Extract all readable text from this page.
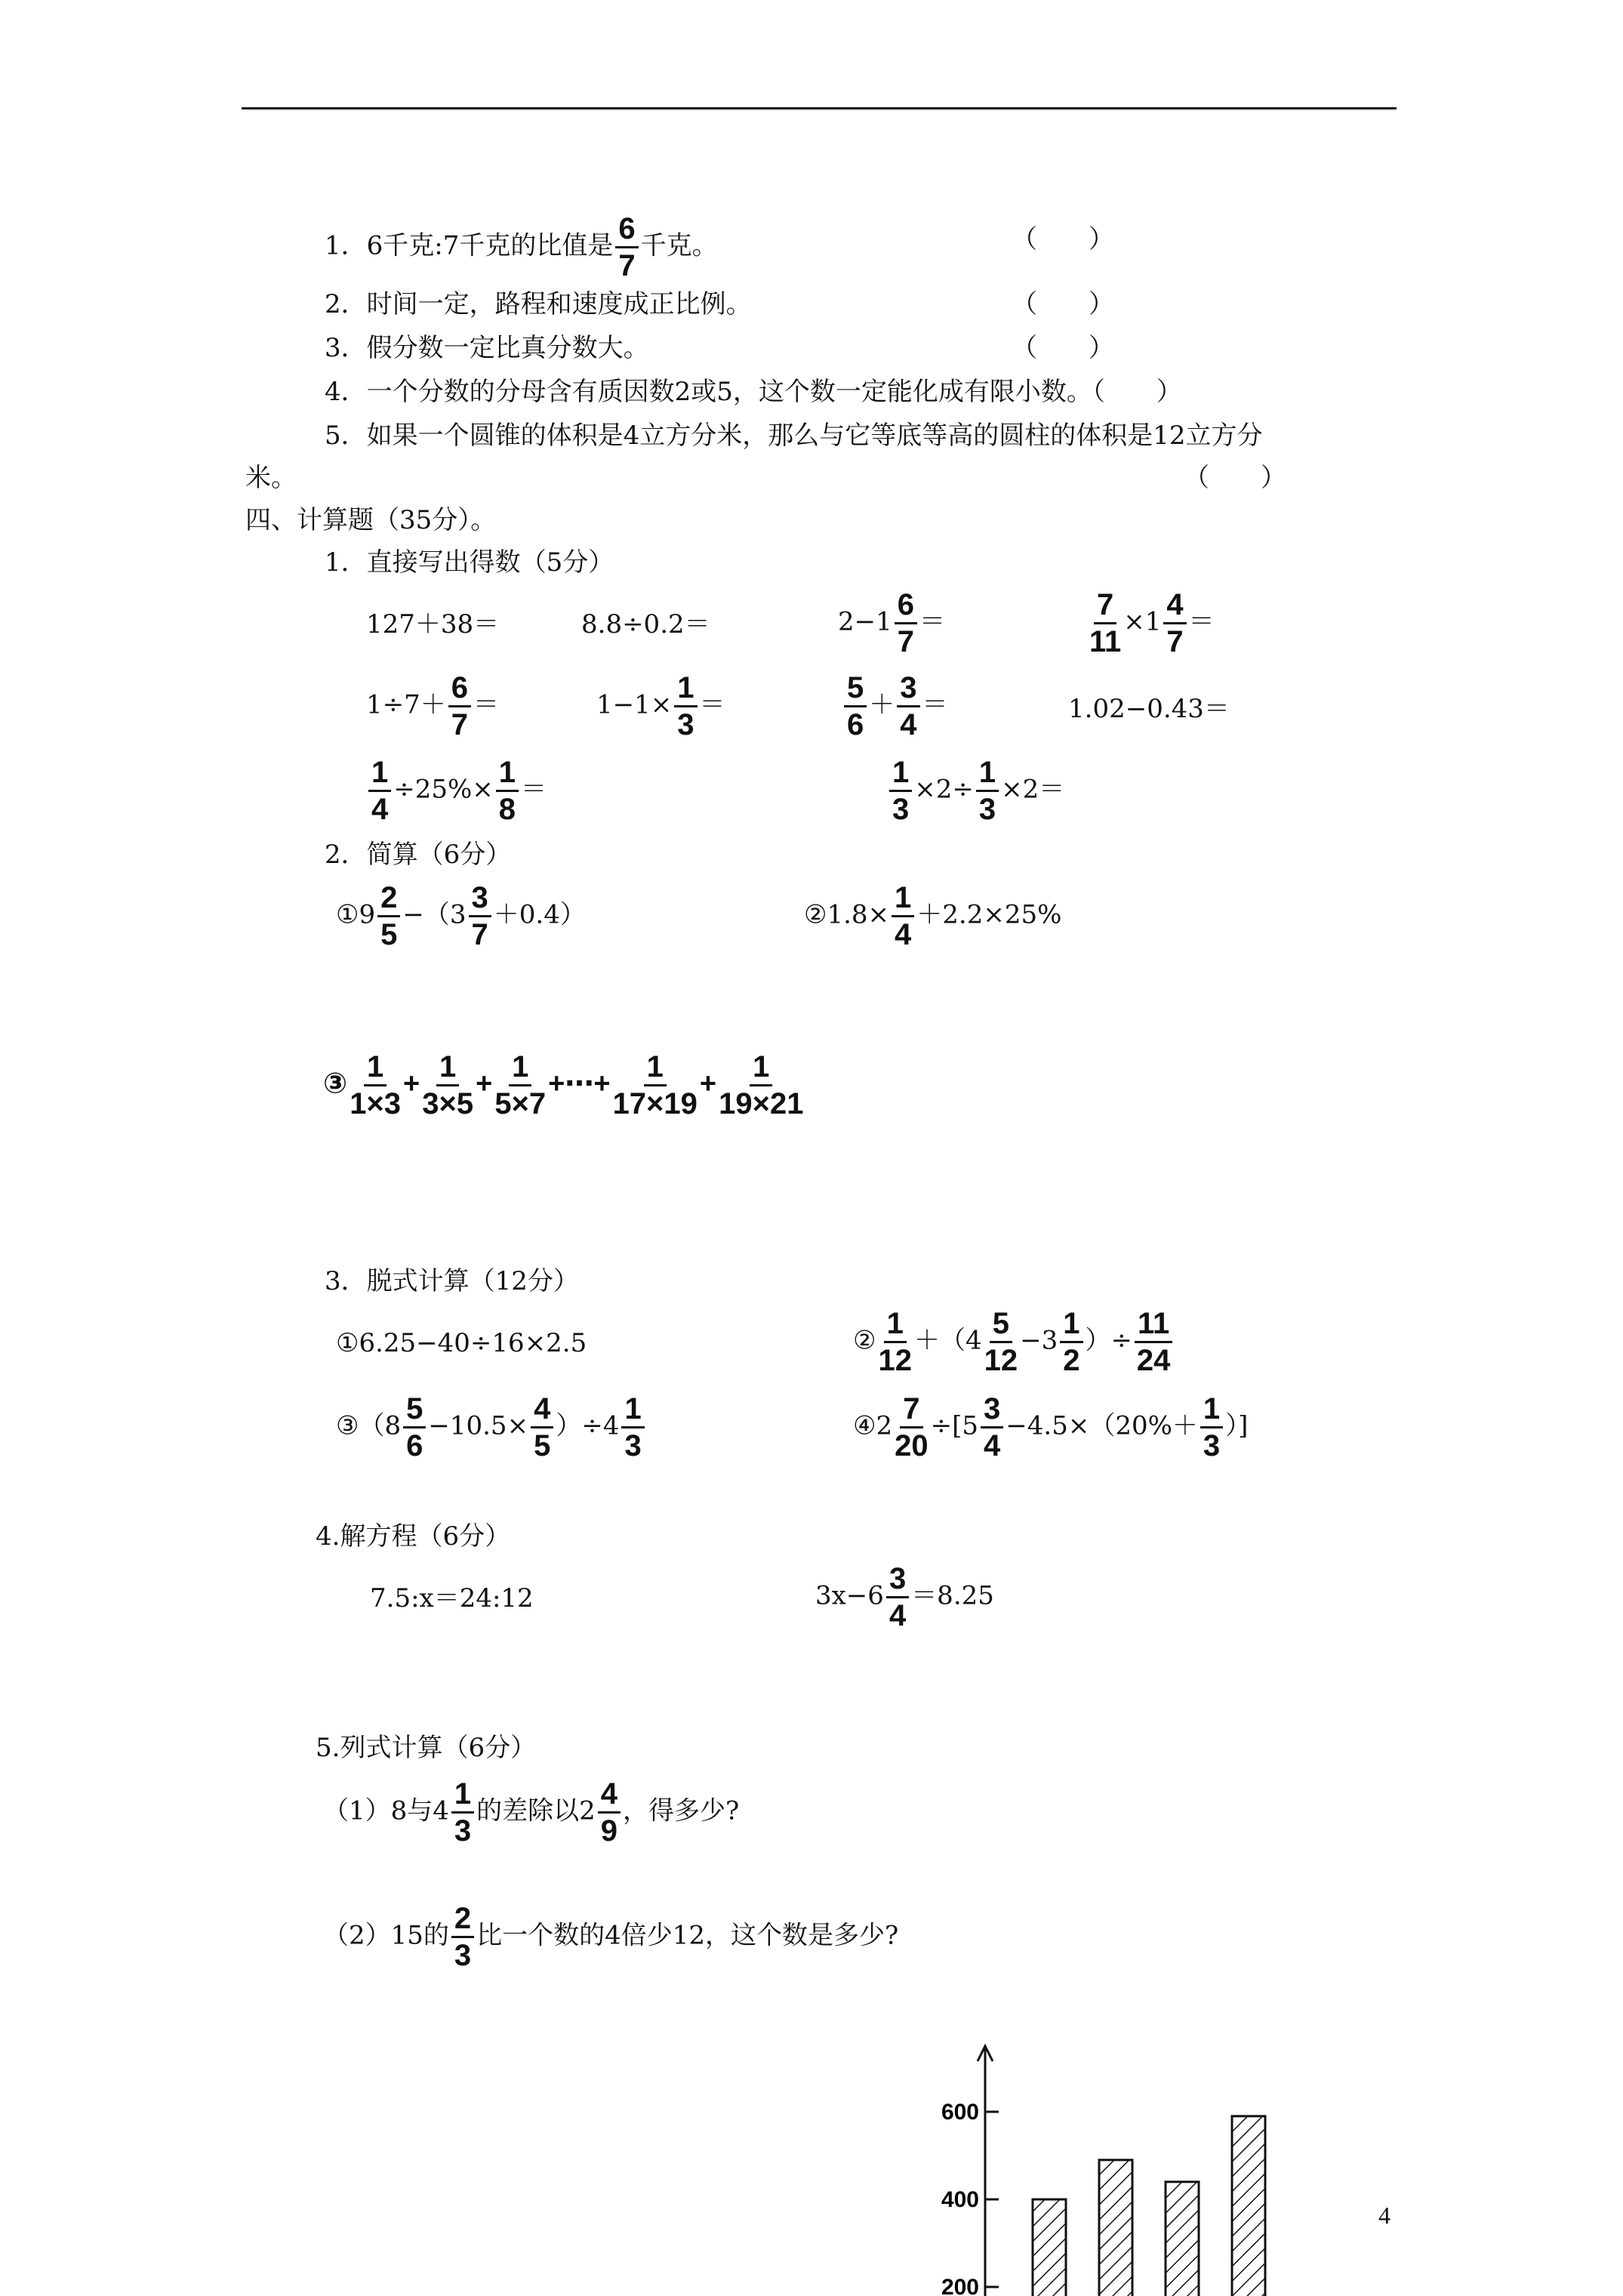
1．6千克:7千克的比值是 $\frac{6}{7}$ 千克。	（　　）
2．时间一定，路程和速度成正比例。	（　　）
3．假分数一定比真分数大。	（　　）
4．一个分数的分母含有质因数2或5，这个数一定能化成有限小数。（　　）
5．如果一个圆锥的体积是4立方分米，那么与它等底等高的圆柱的体积是12立方分
米。	（　　）
四、计算题（35分）。
1．直接写出得数（5分）
127＋38＝	8.8÷0.2＝	$2-1 \frac{6}{7}$ ＝	$\frac{7}{11} \times 1 \frac{4}{7}$ ＝
$1\div 7+ \frac{6}{7}$ ＝	$1-1\times \frac{1}{3}$ ＝	$\frac{5}{6} + \frac{3}{4}$ ＝	1.02−0.43＝
$\frac{1}{4} \div 25\%\times \frac{1}{8}$ ＝	$\frac{1}{3} \times 2\div \frac{1}{3} \times 2=$
2．简算（6分）
①9 $\frac{2}{5} -(3 \frac{3}{7} +0.4)$	②1.8× $\frac{1}{4} +2.2\times 25\%$
③ $\frac{1}{1\times 3} + \frac{1}{3\times 5} + \frac{1}{5\times 7}$ +⋯+ $\frac{1}{17\times 19} + \frac{1}{19\times 21}$
3．脱式计算（12分）
①6.25−40÷16×2.5	② $\frac{1}{12} +(4 \frac{5}{12} -3 \frac{1}{2}$ ）÷ $\frac{11}{24}$
③（8 $\frac{5}{6} -10.5\times \frac{4}{5} )\div 4 \frac{1}{3}$	④2 $\frac{7}{20} \div[5 \frac{3}{4} -4.5\times(20\%+ \frac{1}{3}$ ）]
4.解方程（6分）
7.5:x＝24:12	$3x-6 \frac{3}{4} =8.25$
5.列式计算（6分）
（1）8与$4 \frac{1}{3}$ 的差除以$2 \frac{4}{9}$ ，得多少?
（2）15的 $\frac{2}{3}$ 比一个数的4倍少12，这个数是多少?
600
400
200
4
